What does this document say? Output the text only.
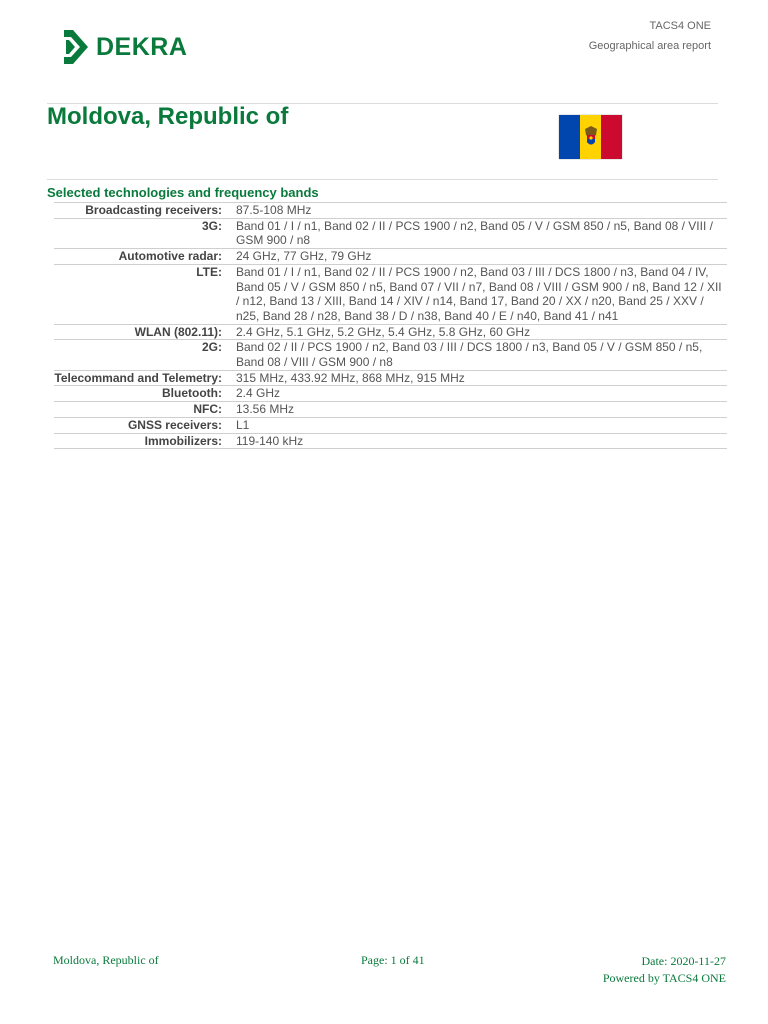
DEKRA
TACS4 ONE
Geographical area report
Moldova, Republic of
Selected technologies and frequency bands
Broadcasting receivers:	87.5-108 MHz
3G:	Band 01 / I / n1, Band 02 / II / PCS 1900 / n2, Band 05 / V / GSM 850 / n5, Band 08 / VIII / GSM 900 / n8
Automotive radar:	24 GHz, 77 GHz, 79 GHz
LTE:	Band 01 / I / n1, Band 02 / II / PCS 1900 / n2, Band 03 / III / DCS 1800 / n3, Band 04 / IV, Band 05 / V / GSM 850 / n5, Band 07 / VII / n7, Band 08 / VIII / GSM 900 / n8, Band 12 / XII / n12, Band 13 / XIII, Band 14 / XIV / n14, Band 17, Band 20 / XX / n20, Band 25 / XXV / n25, Band 28 / n28, Band 38 / D / n38, Band 40 / E / n40, Band 41 / n41
WLAN (802.11):	2.4 GHz, 5.1 GHz, 5.2 GHz, 5.4 GHz, 5.8 GHz, 60 GHz
2G:	Band 02 / II / PCS 1900 / n2, Band 03 / III / DCS 1800 / n3, Band 05 / V / GSM 850 / n5, Band 08 / VIII / GSM 900 / n8
Telecommand and Telemetry:	315 MHz, 433.92 MHz, 868 MHz, 915 MHz
Bluetooth:	2.4 GHz
NFC:	13.56 MHz
GNSS receivers:	L1
Immobilizers:	119-140 kHz
Moldova, Republic of	Page: 1 of 41	Date: 2020-11-27
Powered by TACS4 ONE
